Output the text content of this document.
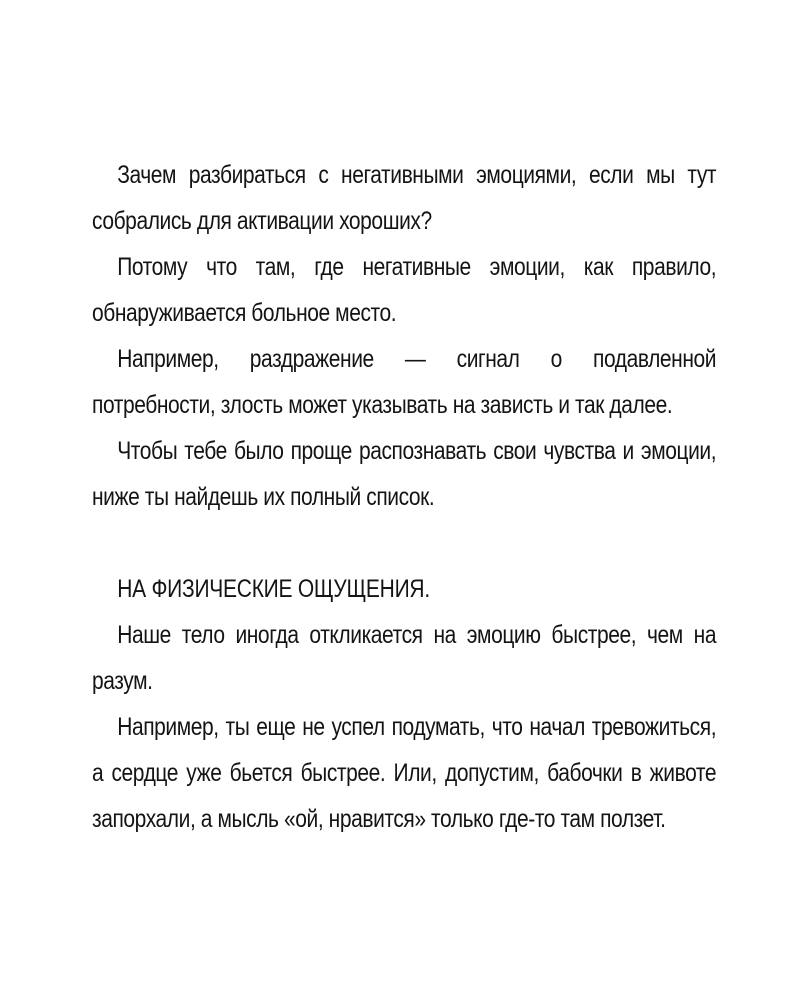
Зачем разбираться с негативными эмоциями, если мы тут собрались для активации хороших?

Потому что там, где негативные эмоции, как правило, обнаруживается больное место.

Например, раздражение — сигнал о подавленной потребности, злость может указывать на зависть и так далее.

Чтобы тебе было проще распознавать свои чувства и эмоции, ниже ты найдешь их полный список.

НА ФИЗИЧЕСКИЕ ОЩУЩЕНИЯ.

Наше тело иногда откликается на эмоцию быстрее, чем на разум.

Например, ты еще не успел подумать, что начал тревожиться, а сердце уже бьется быстрее. Или, допустим, бабочки в животе запорхали, а мысль «ой, нравится» только где-то там ползет.
